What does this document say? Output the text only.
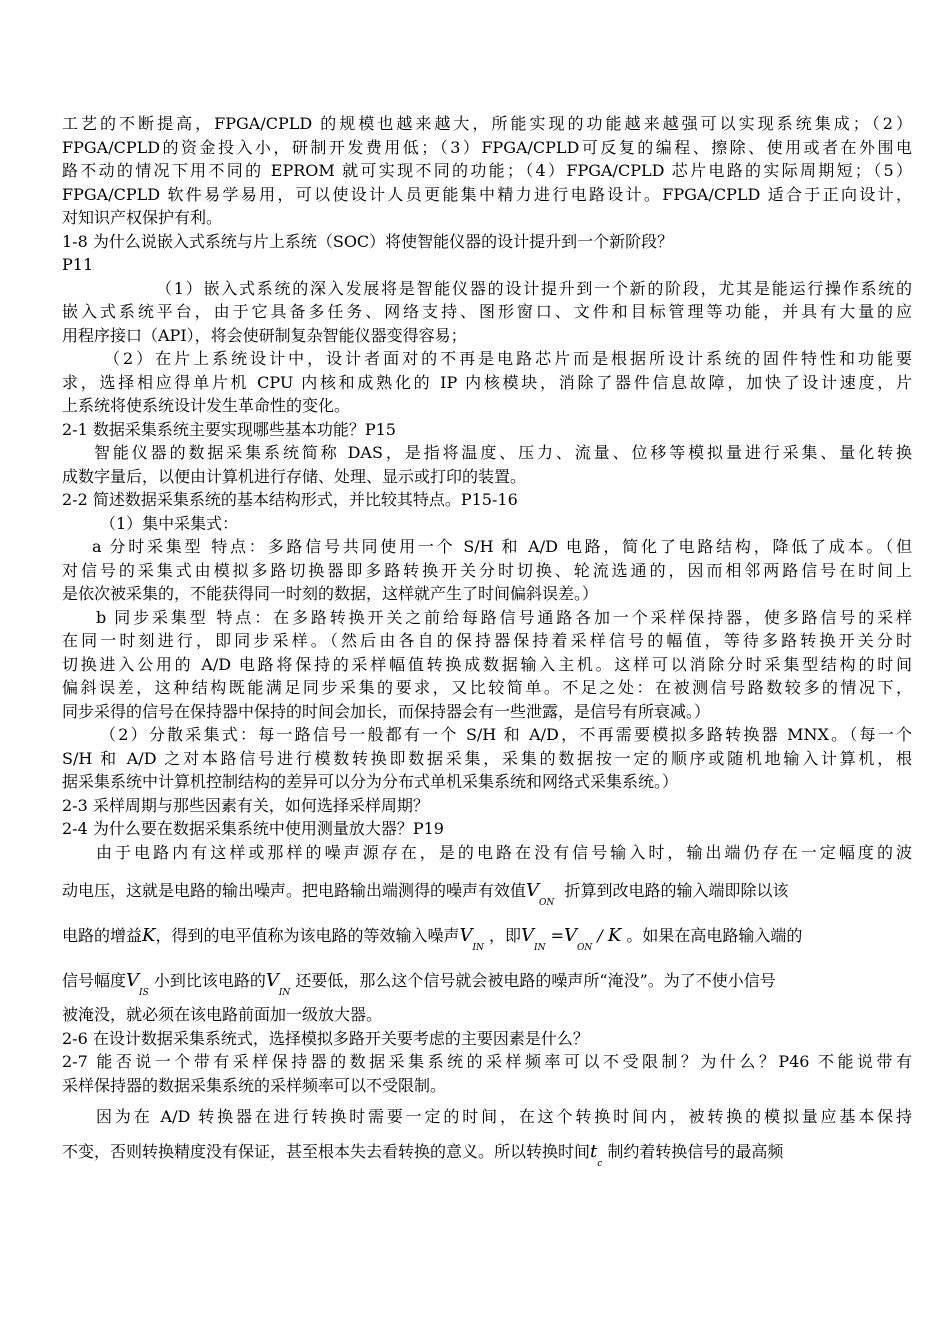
工艺的不断提高，FPGA/CPLD 的规模也越来越大，所能实现的功能越来越强可以实现系统集成；（2）
FPGA/CPLD的资金投入小，研制开发费用低；（3）FPGA/CPLD可反复的编程、擦除、使用或者在外围电
路不动的情况下用不同的 EPROM 就可实现不同的功能；（4）FPGA/CPLD 芯片电路的实际周期短；（5）
FPGA/CPLD 软件易学易用，可以使设计人员更能集中精力进行电路设计。FPGA/CPLD 适合于正向设计，
对知识产权保护有利。
1-8 为什么说嵌入式系统与片上系统（SOC）将使智能仪器的设计提升到一个新阶段？
P11
（1）嵌入式系统的深入发展将是智能仪器的设计提升到一个新的阶段，尤其是能运行操作系统的
嵌入式系统平台，由于它具备多任务、网络支持、图形窗口、文件和目标管理等功能，并具有大量的应
用程序接口（API），将会使研制复杂智能仪器变得容易；
（2）在片上系统设计中，设计者面对的不再是电路芯片而是根据所设计系统的固件特性和功能要
求，选择相应得单片机 CPU 内核和成熟化的 IP 内核模块，消除了器件信息故障，加快了设计速度，片
上系统将使系统设计发生革命性的变化。
2-1 数据采集系统主要实现哪些基本功能？P15
智能仪器的数据采集系统简称 DAS，是指将温度、压力、流量、位移等模拟量进行采集、量化转换
成数字量后，以便由计算机进行存储、处理、显示或打印的装置。
2-2 简述数据采集系统的基本结构形式，并比较其特点。P15-16
（1）集中采集式：
a 分时采集型 特点：多路信号共同使用一个 S/H 和 A/D 电路，简化了电路结构，降低了成本。（但
对信号的采集式由模拟多路切换器即多路转换开关分时切换、轮流选通的，因而相邻两路信号在时间上
是依次被采集的，不能获得同一时刻的数据，这样就产生了时间偏斜误差。）
b 同步采集型 特点：在多路转换开关之前给每路信号通路各加一个采样保持器，使多路信号的采样
在同一时刻进行，即同步采样。（然后由各自的保持器保持着采样信号的幅值，等待多路转换开关分时
切换进入公用的 A/D 电路将保持的采样幅值转换成数据输入主机。这样可以消除分时采集型结构的时间
偏斜误差，这种结构既能满足同步采集的要求，又比较简单。不足之处：在被测信号路数较多的情况下，
同步采得的信号在保持器中保持的时间会加长，而保持器会有一些泄露，是信号有所衰减。）
（2）分散采集式：每一路信号一般都有一个 S/H 和 A/D，不再需要模拟多路转换器 MNX。（每一个
S/H 和 A/D 之对本路信号进行模数转换即数据采集，采集的数据按一定的顺序或随机地输入计算机，根
据采集系统中计算机控制结构的差异可以分为分布式单机采集系统和网络式采集系统。）
2-3 采样周期与那些因素有关，如何选择采样周期？
2-4 为什么要在数据采集系统中使用测量放大器？P19
由于电路内有这样或那样的噪声源存在，是的电路在没有信号输入时，输出端仍存在一定幅度的波
动电压，这就是电路的输出噪声。把电路输出端测得的噪声有效值$V_{ON}$  折算到改电路的输入端即除以该
电路的增益K，得到的电平值称为该电路的等效输入噪声$V_{IN}$ ，即$V_{IN} =V_{ON} / K$ 。如果在高电路输入端的
信号幅度$V_{IS}$ 小到比该电路的$V_{IN}$ 还要低，那么这个信号就会被电路的噪声所“淹没”。为了不使小信号
被淹没，就必须在该电路前面加一级放大器。
2-6 在设计数据采集系统式，选择模拟多路开关要考虑的主要因素是什么？
2-7 能否说一个带有采样保持器的数据采集系统的采样频率可以不受限制？为什么？P46 不能说带有
采样保持器的数据采集系统的采样频率可以不受限制。
因为在 A/D 转换器在进行转换时需要一定的时间，在这个转换时间内，被转换的模拟量应基本保持
不变，否则转换精度没有保证，甚至根本失去看转换的意义。所以转换时间$t_c$ 制约着转换信号的最高频
